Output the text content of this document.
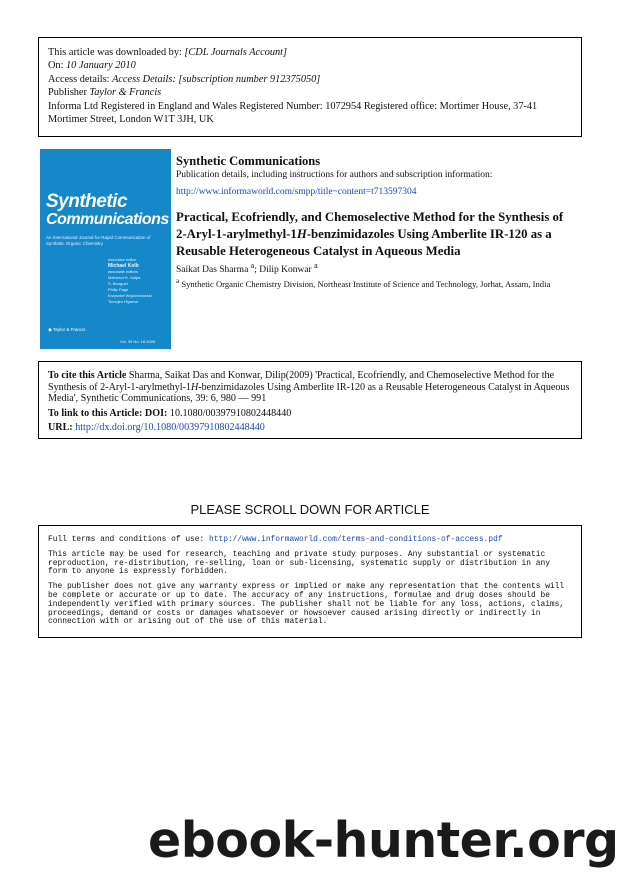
This article was downloaded by: [CDL Journals Account]
On: 10 January 2010
Access details: Access Details: [subscription number 912375050]
Publisher Taylor & Francis
Informa Ltd Registered in England and Wales Registered Number: 1072954 Registered office: Mortimer House, 37-41 Mortimer Street, London W1T 3JH, UK
Synthetic
Communications
An International Journal for Rapid Communication of Synthetic Organic Chemistry
executive editor
Michael Kolb
associate editors
Mahmud H. Golpe
S. Bouguet
Philip Page
Krzysztof Wojciechowski
Tomojiro Hiyama
◉ Taylor & Francis
Vol. 39 No. 18 2009
Synthetic Communications
Publication details, including instructions for authors and subscription information:
http://www.informaworld.com/smpp/title~content=t713597304
Practical, Ecofriendly, and Chemoselective Method for the Synthesis of 2-Aryl-1-arylmethyl-1H-benzimidazoles Using Amberlite IR-120 as a Reusable Heterogeneous Catalyst in Aqueous Media
Saikat Das Sharma $^a$; Dilip Konwar $^a$
$^a$ Synthetic Organic Chemistry Division, Northeast Institute of Science and Technology, Jorhat, Assam, India
To cite this Article Sharma, Saikat Das and Konwar, Dilip(2009) 'Practical, Ecofriendly, and Chemoselective Method for the Synthesis of 2-Aryl-1-arylmethyl-1H-benzimidazoles Using Amberlite IR-120 as a Reusable Heterogeneous Catalyst in Aqueous Media', Synthetic Communications, 39: 6, 980 — 991
To link to this Article: DOI: 10.1080/00397910802448440
URL: http://dx.doi.org/10.1080/00397910802448440
PLEASE SCROLL DOWN FOR ARTICLE

Full terms and conditions of use: http://www.informaworld.com/terms-and-conditions-of-access.pdf

This article may be used for research, teaching and private study purposes. Any substantial or systematic reproduction, re-distribution, re-selling, loan or sub-licensing, systematic supply or distribution in any form to anyone is expressly forbidden.

The publisher does not give any warranty express or implied or make any representation that the contents will be complete or accurate or up to date. The accuracy of any instructions, formulae and drug doses should be independently verified with primary sources. The publisher shall not be liable for any loss, actions, claims, proceedings, demand or costs or damages whatsoever or howsoever caused arising directly or indirectly in connection with or arising out of the use of this material.

ebook-hunter.org
